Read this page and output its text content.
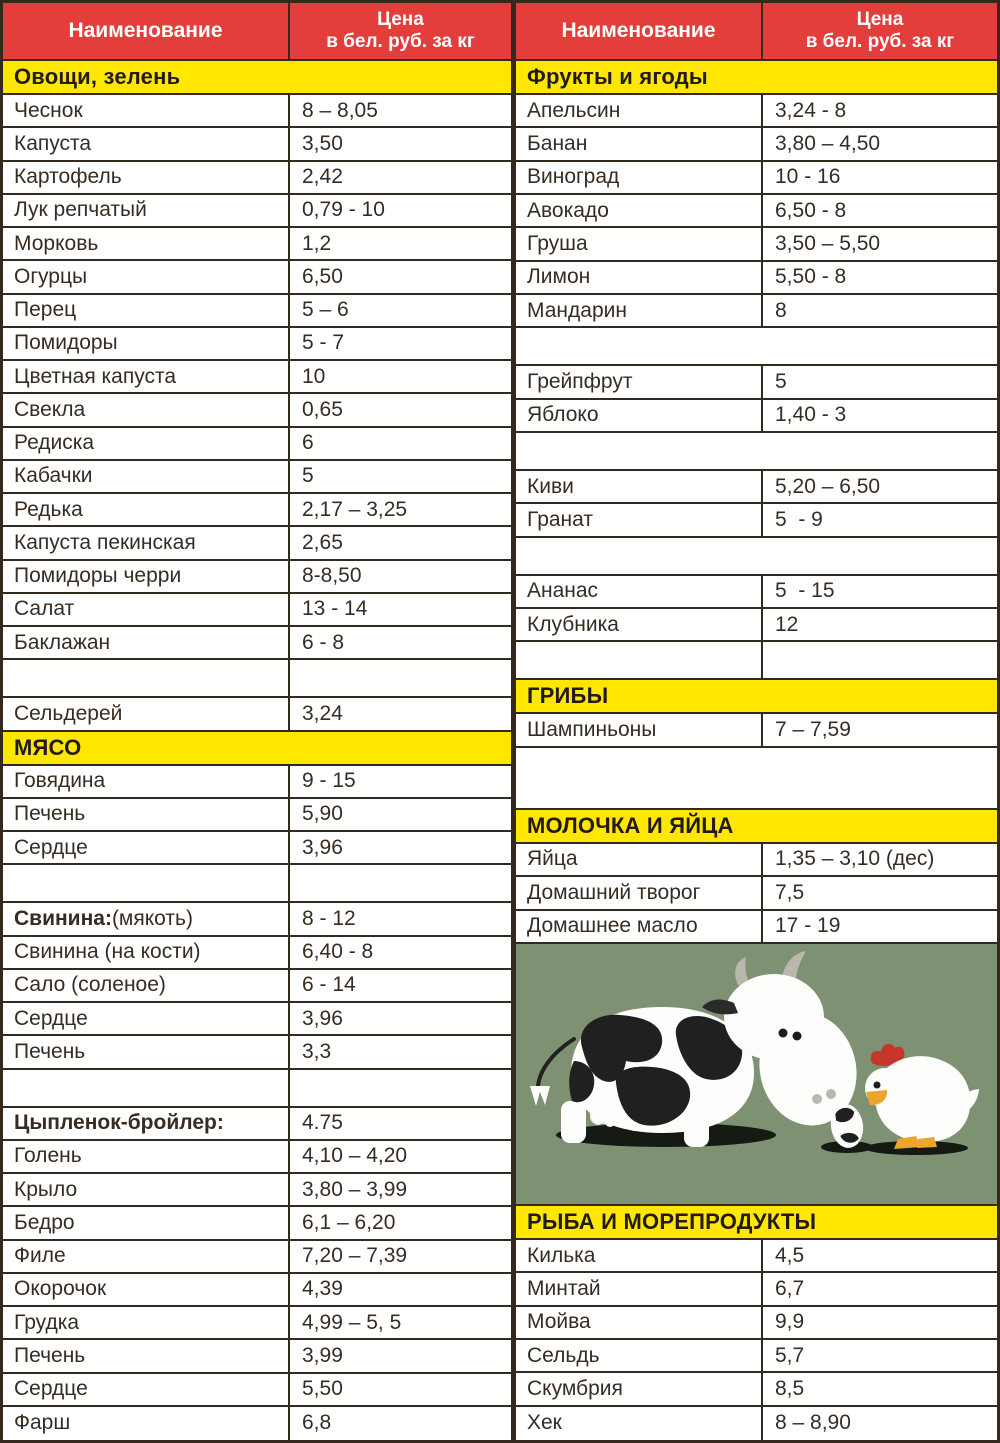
Наименование	Цена
в бел. руб. за кг
Овощи, зелень
Чеснок	8 – 8,05
Капуста	3,50
Картофель	2,42
Лук репчатый	0,79 - 10
Морковь	1,2
Огурцы	6,50
Перец	5 – 6
Помидоры	5 - 7
Цветная капуста	10
Свекла	0,65
Редиска	6
Кабачки	5
Редька	2,17 – 3,25
Капуста пекинская	2,65
Помидоры черри	8-8,50
Салат	13 - 14
Баклажан	6 - 8
Сельдерей	3,24
МЯСО
Говядина	9 - 15
Печень	5,90
Сердце	3,96
Свинина: (мякоть)	8 - 12
Свинина (на кости)	6,40 - 8
Сало (соленое)	6 - 14
Сердце	3,96
Печень	3,3
Цыпленок-бройлер:	4.75
Голень	4,10 – 4,20
Крыло	3,80 – 3,99
Бедро	6,1 – 6,20
Филе	7,20 – 7,39
Окорочок	4,39
Грудка	4,99 – 5, 5
Печень	3,99
Сердце	5,50
Фарш	6,8
Наименование	Цена
в бел. руб. за кг
Фрукты и ягоды
Апельсин	3,24 - 8
Банан	3,80 – 4,50
Виноград	10 - 16
Авокадо	6,50 - 8
Груша	3,50 – 5,50
Лимон	5,50 - 8
Мандарин	8
Грейпфрут	5
Яблоко	1,40 - 3
Киви	5,20 – 6,50
Гранат	5  - 9
Ананас	5  - 15
Клубника	12
ГРИБЫ
Шампиньоны	7 – 7,59
МОЛОЧКА И ЯЙЦА
Яйца	1,35 – 3,10 (дес)
Домашний творог	7,5
Домашнее масло	17 - 19
РЫБА И МОРЕПРОДУКТЫ
Килька	4,5
Минтай	6,7
Мойва	9,9
Сельдь	5,7
Скумбрия	8,5
Хек	8 – 8,90
